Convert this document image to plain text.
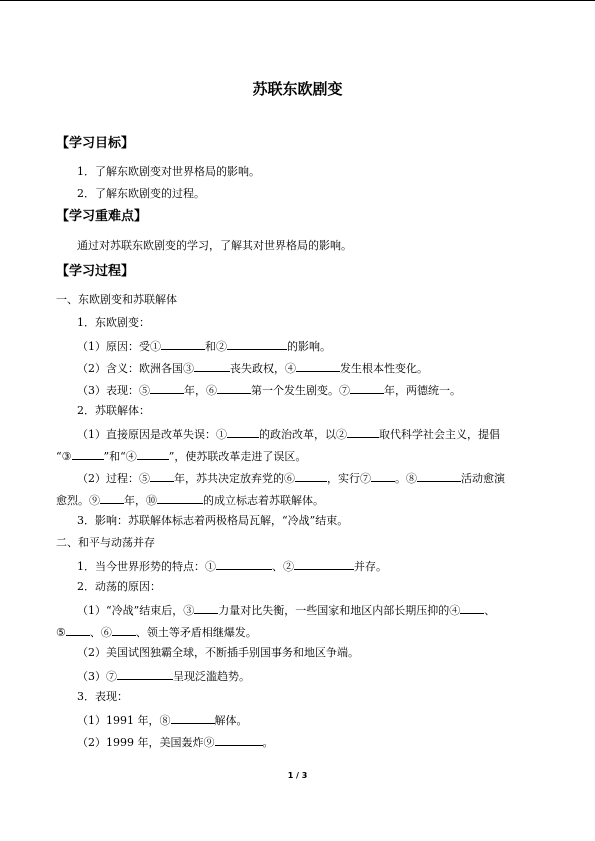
苏联东欧剧变
【学习目标】
1．了解东欧剧变对世界格局的影响。
2．了解东欧剧变的过程。
【学习重难点】
通过对苏联东欧剧变的学习，了解其对世界格局的影响。
【学习过程】
一、东欧剧变和苏联解体
1．东欧剧变：
（1）原因：受①	和②	的影响。
（2）含义：欧洲各国③	丧失政权，④	发生根本性变化。
（3）表现：⑤	年，⑥	第一个发生剧变。⑦	年，两德统一。
2．苏联解体：
（1）直接原因是改革失误：①	的政治改革，以②	取代科学社会主义，提倡
“③	”和“④	”，使苏联改革走进了误区。
（2）过程：⑤ 年，苏共决定放弃党的⑥	，实行⑦ 。⑧	活动愈演
愈烈。⑨ 年，⑩	的成立标志着苏联解体。
3．影响：苏联解体标志着两极格局瓦解，“冷战”结束。
二、和平与动荡并存
1．当今世界形势的特点：①	、②	并存。
2．动荡的原因：
（1）“冷战”结束后，③ 力量对比失衡，一些国家和地区内部长期压抑的④ 、
⑤ 、⑥ 、领土等矛盾相继爆发。
（2）美国试图独霸全球，不断插手别国事务和地区争端。
（3）⑦	呈现泛滥趋势。
3．表现：
（1）1991 年，⑧	解体。
（2）1999 年，美国轰炸⑨	。
1 / 3
